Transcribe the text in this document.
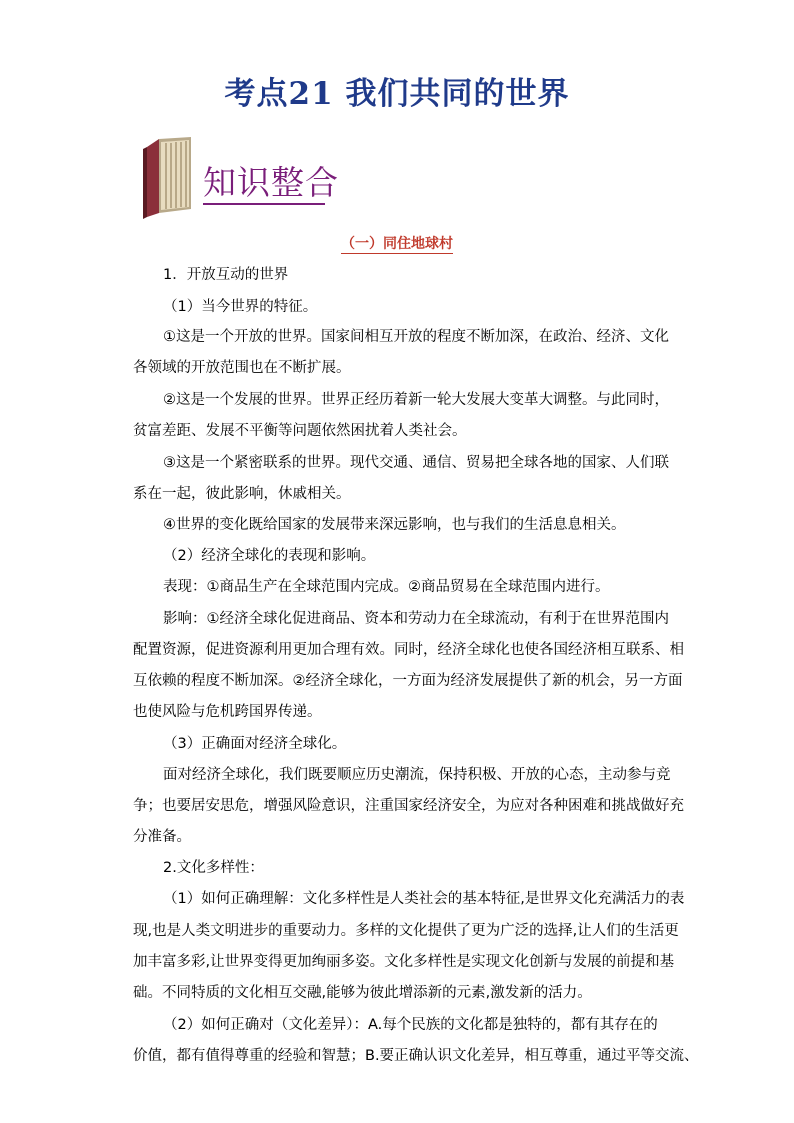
考点21 我们共同的世界
知识整合
（一）同住地球村
1．开放互动的世界
（1）当今世界的特征。
①这是一个开放的世界。国家间相互开放的程度不断加深，在政治、经济、文化
各领域的开放范围也在不断扩展。
②这是一个发展的世界。世界正经历着新一轮大发展大变革大调整。与此同时，
贫富差距、发展不平衡等问题依然困扰着人类社会。
③这是一个紧密联系的世界。现代交通、通信、贸易把全球各地的国家、人们联
系在一起，彼此影响，休戚相关。
④世界的变化既给国家的发展带来深远影响，也与我们的生活息息相关。
（2）经济全球化的表现和影响。
表现：①商品生产在全球范围内完成。②商品贸易在全球范围内进行。
影响：①经济全球化促进商品、资本和劳动力在全球流动，有利于在世界范围内
配置资源，促进资源利用更加合理有效。同时，经济全球化也使各国经济相互联系、相
互依赖的程度不断加深。②经济全球化，一方面为经济发展提供了新的机会，另一方面
也使风险与危机跨国界传递。
（3）正确面对经济全球化。
面对经济全球化，我们既要顺应历史潮流，保持积极、开放的心态，主动参与竞
争；也要居安思危，增强风险意识，注重国家经济安全，为应对各种困难和挑战做好充
分准备。
2.文化多样性：
（1）如何正确理解：文化多样性是人类社会的基本特征,是世界文化充满活力的表
现,也是人类文明进步的重要动力。多样的文化提供了更为广泛的选择,让人们的生活更
加丰富多彩,让世界变得更加绚丽多姿。文化多样性是实现文化创新与发展的前提和基
础。不同特质的文化相互交融,能够为彼此增添新的元素,激发新的活力。
（2）如何正确对（文化差异）：A.每个民族的文化都是独特的，都有其存在的
价值，都有值得尊重的经验和智慧；B.要正确认识文化差异，相互尊重，通过平等交流、
